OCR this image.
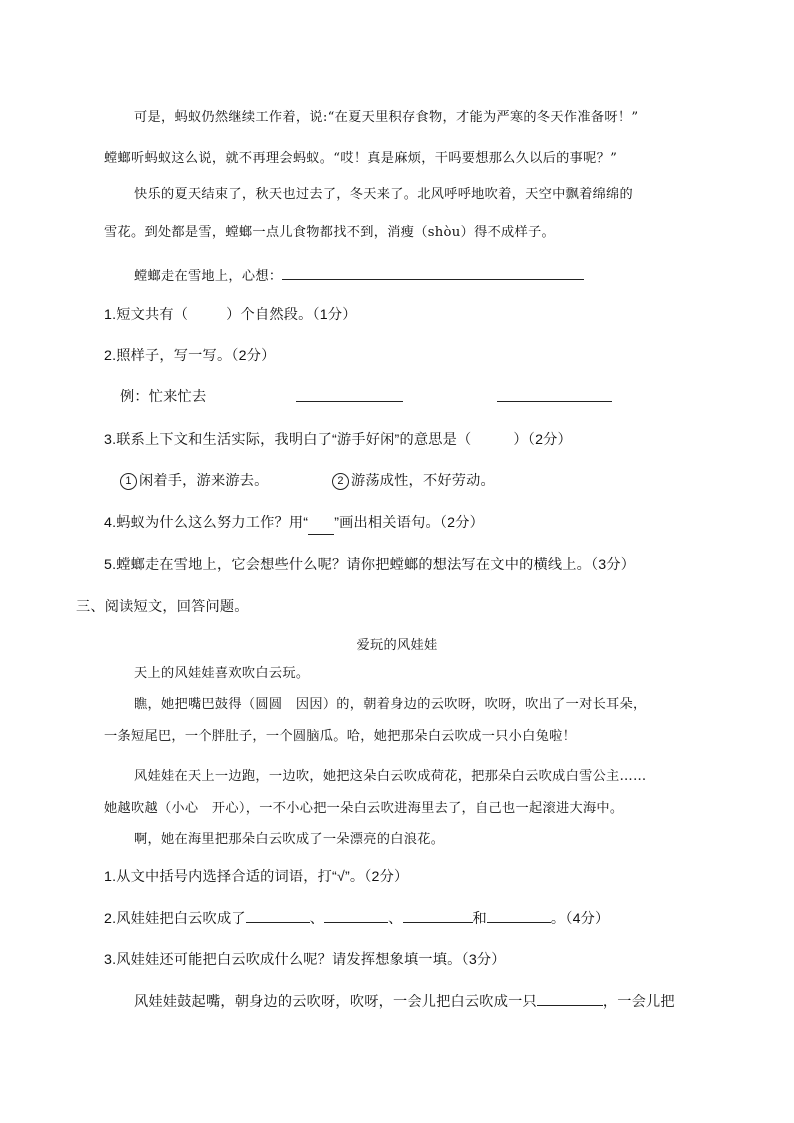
可是，蚂蚁仍然继续工作着，说:“在夏天里积存食物，才能为严寒的冬天作准备呀！”
螳螂听蚂蚁这么说，就不再理会蚂蚁。“哎！真是麻烦，干吗要想那么久以后的事呢？”
快乐的夏天结束了，秋天也过去了，冬天来了。北风呼呼地吹着，天空中飘着绵绵的
雪花。到处都是雪，螳螂一点儿食物都找不到，消瘦（shòu）得不成样子。
螳螂走在雪地上，心想：
1.短文共有（	）个自然段。（1分）
2.照样子，写一写。（2分）
例：忙来忙去
3.联系上下文和生活实际，我明白了“游手好闲”的意思是（	）（2分）
1 闲着手，游来游去。	2 游荡成性，不好劳动。
4.蚂蚁为什么这么努力工作？用“ ”画出相关语句。（2分）
5.螳螂走在雪地上，它会想些什么呢？请你把螳螂的想法写在文中的横线上。（3分）
三、阅读短文，回答问题。
爱玩的风娃娃
天上的风娃娃喜欢吹白云玩。
瞧，她把嘴巴鼓得（圆圆　因因）的，朝着身边的云吹呀，吹呀，吹出了一对长耳朵，
一条短尾巴，一个胖肚子，一个圆脑瓜。哈，她把那朵白云吹成一只小白兔啦！
风娃娃在天上一边跑，一边吹，她把这朵白云吹成荷花，把那朵白云吹成白雪公主……
她越吹越（小心　开心），一不小心把一朵白云吹进海里去了，自己也一起滚进大海中。
啊，她在海里把那朵白云吹成了一朵漂亮的白浪花。
1.从文中括号内选择合适的词语，打“√”。（2分）
2.风娃娃把白云吹成了	、	、	和	。（4分）
3.风娃娃还可能把白云吹成什么呢？请发挥想象填一填。（3分）
风娃娃鼓起嘴，朝身边的云吹呀，吹呀，一会儿把白云吹成一只	，一会儿把
